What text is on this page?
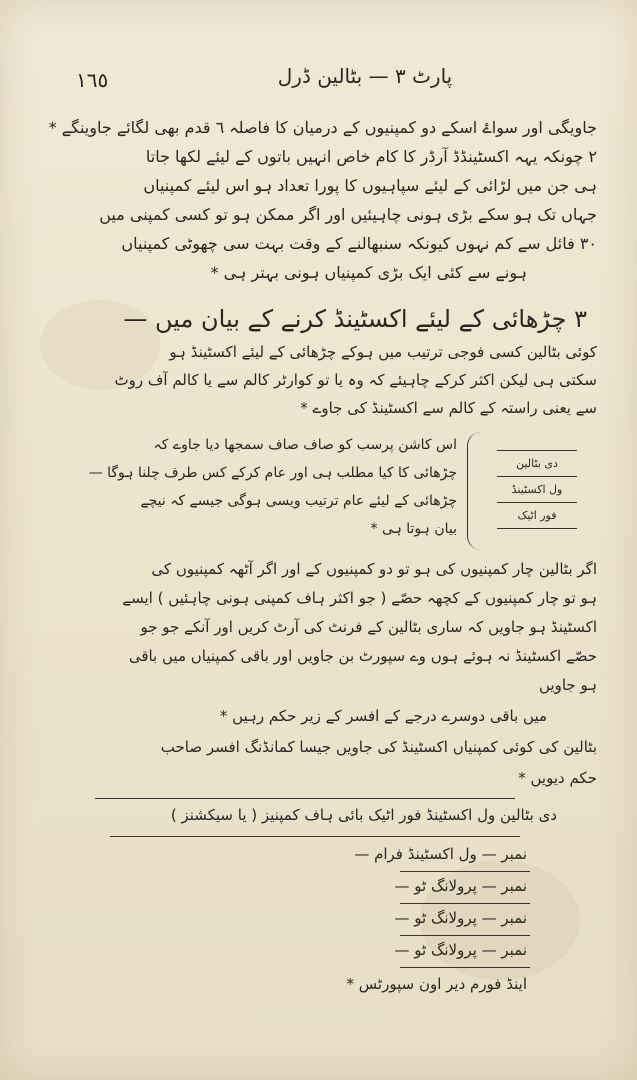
١٦٥	پارٹ ٣ — بٹالین ڈرل
جاویگی اور سواۓ اسکے دو کمپنیوں کے درمیان کا فاصلہ ٦ قدم بھی لگائے جاوینگے *
٢ چونکہ یہہ اکسٹینڈڈ آرڈر کا کام خاص انہیں باتوں کے لیئے لکھا جاتا
ہی جن میں لڑائی کے لیئے سپاہیوں کا پورا تعداد ہو اس لیئے کمپنیاں
جہاں تک ہو سکے بڑی ہونی چاہیئیں اور اگر ممکن ہو تو کسی کمپنی میں
٣٠ فائل سے کم نہوں کیونکہ سنبھالنے کے وقت بہت سی چھوٹی کمپنیاں
ہونے سے کئی ایک بڑی کمپنیاں ہونی بہتر ہی *
٣ چڑھائی کے لیئے اکسٹینڈ کرنے کے بیان میں —
کوئی بٹالین کسی فوجی ترتیب میں ہوکے چڑھائی کے لیئے اکسٹینڈ ہو
سکتی ہی لیکن اکثر کرکے چاہیئے کہ وہ یا تو کوارٹر کالم سے یا کالم آف روٹ
سے یعنی راستہ کے کالم سے اکسٹینڈ کی جاوے *
اس کاشن پرسب کو صاف صاف سمجھا دیا جاوے کہ
چڑھائی کا کیا مطلب ہی اور عام کرکے کس طرف چلنا ہوگا —
چڑھائی کے لیئے عام ترتیب ویسی ہوگی جیسے کہ نیچے
بیان ہوتا ہی *
دی بٹالین
ول اکسٹینڈ
فور اٹیک
اگر بٹالین چار کمپنیوں کی ہو تو دو کمپنیوں کے اور اگر آٹھہ کمپنیوں کی
ہو تو چار کمپنیوں کے کچھہ حصّے ( جو اکثر ہاف کمپنی ہونی چاہئیں ) ایسے
اکسٹینڈ ہو جاویں کہ ساری بٹالین کے فرنٹ کی آرٹ کریں اور آنکے جو جو
حصّے اکسٹینڈ نہ ہوئے ہوں وے سپورٹ بن جاویں اور باقی کمپنیاں میں باقی
ہو جاویں
میں باقی دوسرے درجے کے افسر کے زیر حکم رہیں *
بٹالین کی کوئی کمپنیاں اکسٹینڈ کی جاویں جیسا کمانڈنگ افسر صاحب
حکم دیویں *
دی بٹالین ول اکسٹینڈ فور اٹیک بائی ہاف کمپنیز ( یا سیکشنز )
نمبر — ول اکسٹینڈ فرام —
نمبر — پرولانگ ٹو —
نمبر — پرولانگ ٹو —
نمبر — پرولانگ ٹو —
اینڈ فورم دیر اون سپورٹس *
